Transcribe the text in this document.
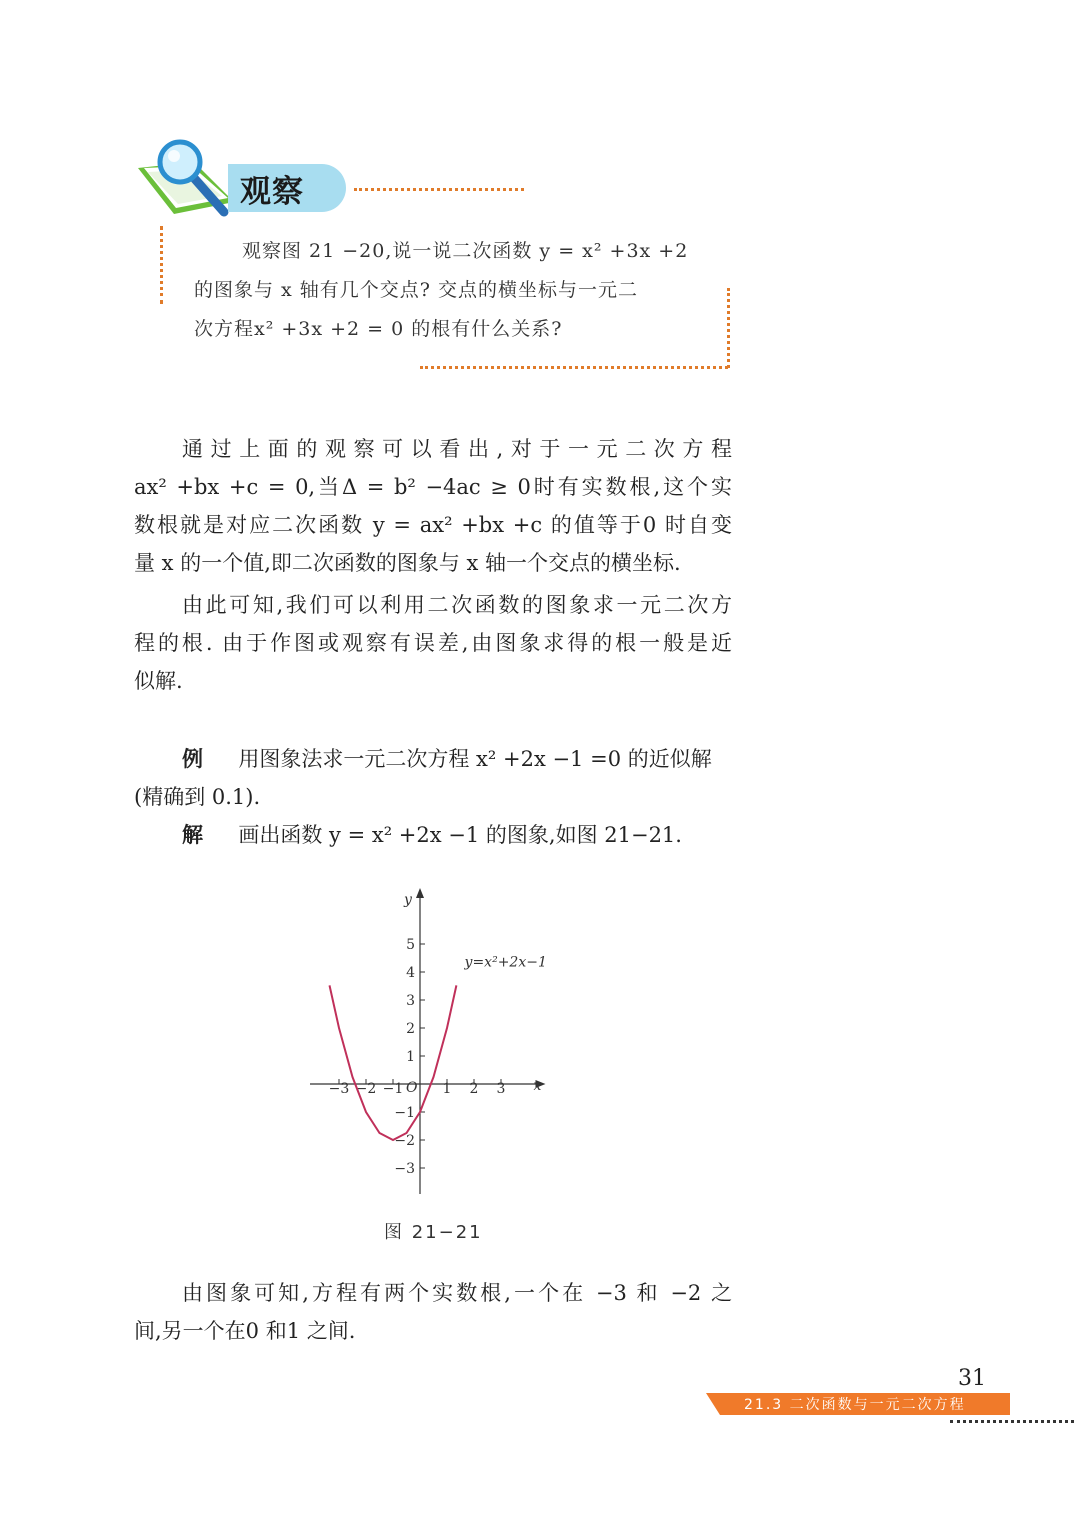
观察
观察图 21 −20,说一说二次函数 y = x² +3x +2
的图象与 x 轴有几个交点? 交点的横坐标与一元二
次方程x² +3x +2 = 0 的根有什么关系?

通过上面的观察可以看出,对于一元二次方程

ax² +bx +c = 0,当Δ = b² −4ac ≥ 0时有实数根,这个实

数根就是对应二次函数 y = ax² +bx +c 的值等于0 时自变

量 x 的一个值,即二次函数的图象与 x 轴一个交点的横坐标.

由此可知,我们可以利用二次函数的图象求一元二次方

程的根. 由于作图或观察有误差,由图象求得的根一般是近

似解.

例 用图象法求一元二次方程 x² +2x −1 =0 的近似解

(精确到 0.1).

解 画出函数 y = x² +2x −1 的图象,如图 21−21.

x
y
O
−3 −2 −1	1 2 3
−3
−2
−1
1
2
3
4
5
y=x²+2x−1
图 21−21

由图象可知,方程有两个实数根,一个在 −3 和 −2 之

间,另一个在0 和1 之间.

31
21.3 二次函数与一元二次方程
